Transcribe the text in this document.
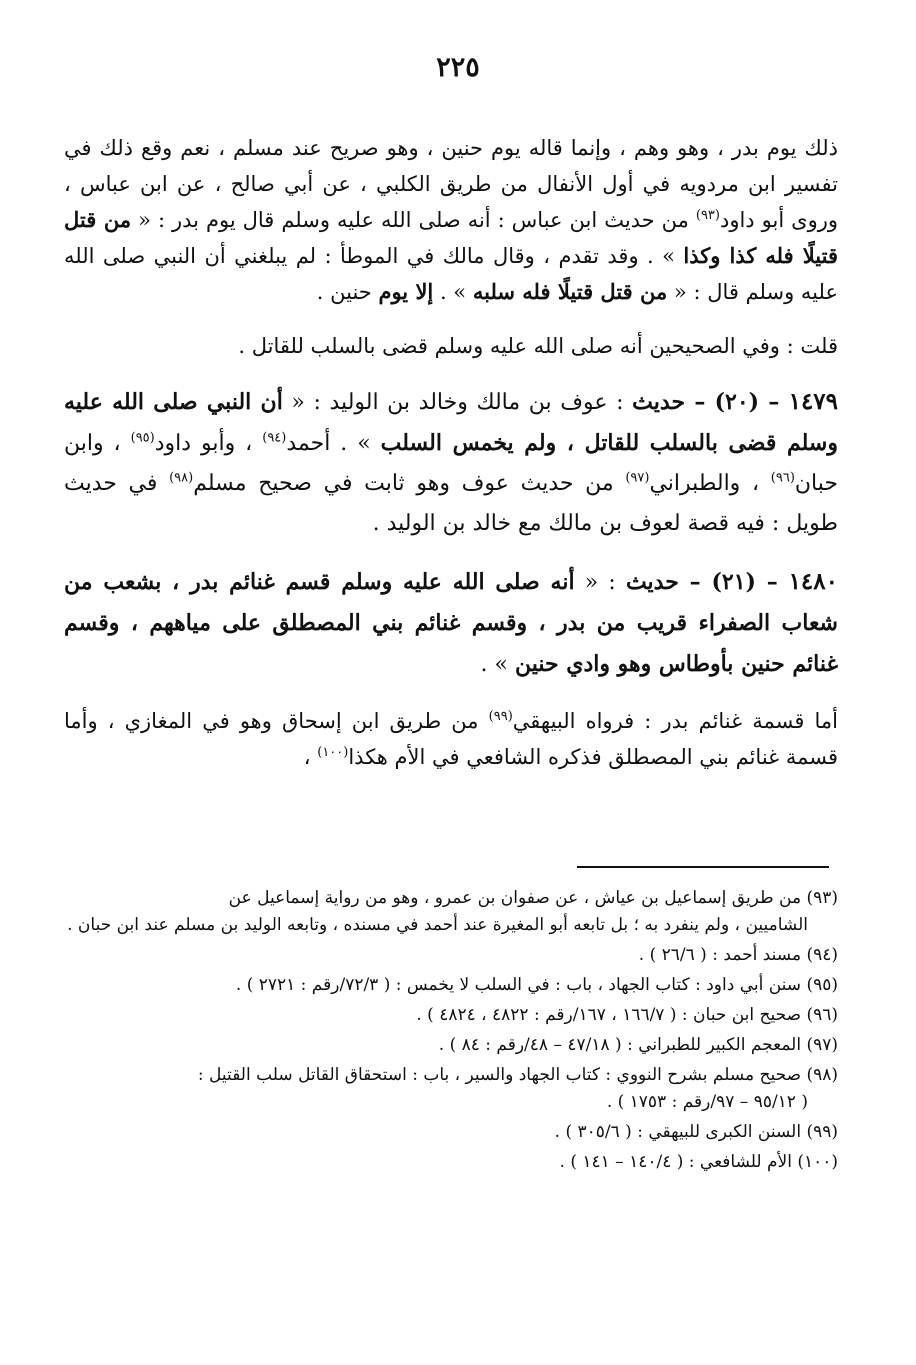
٢٢٥

ذلك يوم بدر ، وهو وهم ، وإنما قاله يوم حنين ، وهو صريح عند مسلم ، نعم وقع ذلك في تفسير ابن مردويه في أول الأنفال من طريق الكلبي ، عن أبي صالح ، عن ابن عباس ، وروى أبو داود$^{(٩٣)}$ من حديث ابن عباس : أنه صلى الله عليه وسلم قال يوم بدر : « من قتل قتيلًا فله كذا وكذا » . وقد تقدم ، وقال مالك في الموطأ : لم يبلغني أن النبي صلى الله عليه وسلم قال : « من قتل قتيلًا فله سلبه » . إلا يوم حنين .

قلت : وفي الصحيحين أنه صلى الله عليه وسلم قضى بالسلب للقاتل .

١٤٧٩ – (٢٠) – حديث : عوف بن مالك وخالد بن الوليد : « أن النبي صلى الله عليه وسلم قضى بالسلب للقاتل ، ولم يخمس السلب » . أحمد$^{(٩٤)}$ ، وأبو داود$^{(٩٥)}$ ، وابن حبان$^{(٩٦)}$ ، والطبراني$^{(٩٧)}$ من حديث عوف وهو ثابت في صحيح مسلم$^{(٩٨)}$ في حديث طويل : فيه قصة لعوف بن مالك مع خالد بن الوليد .

١٤٨٠ – (٢١) – حديث : « أنه صلى الله عليه وسلم قسم غنائم بدر ، بشعب من شعاب الصفراء قريب من بدر ، وقسم غنائم بني المصطلق على مياههم ، وقسم غنائم حنين بأوطاس وهو وادي حنين » .

أما قسمة غنائم بدر : فرواه البيهقي$^{(٩٩)}$ من طريق ابن إسحاق وهو في المغازي ، وأما قسمة غنائم بني المصطلق فذكره الشافعي في الأم هكذا$^{(١٠٠)}$ ،

(٩٣) من طريق إسماعيل بن عياش ، عن صفوان بن عمرو ، وهو من رواية إسماعيل عن
الشاميين ، ولم ينفرد به ؛ بل تابعه أبو المغيرة عند أحمد في مسنده ، وتابعه الوليد بن مسلم عند ابن حبان .

(٩٤) مسند أحمد : ( ٢٦/٦ ) .

(٩٥) سنن أبي داود : كتاب الجهاد ، باب : في السلب لا يخمس : ( ٧٢/٣/رقم : ٢٧٢١ ) .

(٩٦) صحيح ابن حبان : ( ١٦٦/٧ ، ١٦٧/رقم : ٤٨٢٢ ، ٤٨٢٤ ) .

(٩٧) المعجم الكبير للطبراني : ( ٤٧/١٨ – ٤٨/رقم : ٨٤ ) .

(٩٨) صحيح مسلم بشرح النووي : كتاب الجهاد والسير ، باب : استحقاق القاتل سلب القتيل :
( ٩٥/١٢ – ٩٧/رقم : ١٧٥٣ ) .

(٩٩) السنن الكبرى للبيهقي : ( ٣٠٥/٦ ) .

(١٠٠) الأم للشافعي : ( ١٤٠/٤ – ١٤١ ) .
